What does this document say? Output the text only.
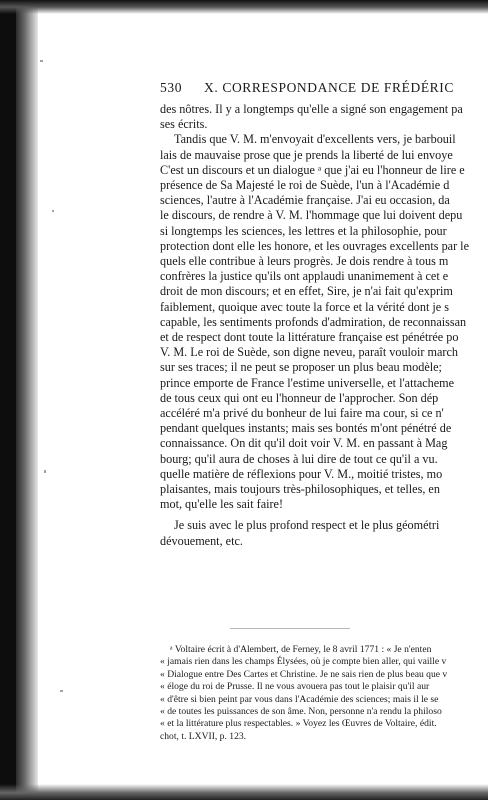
530 X. CORRESPONDANCE DE FRÉDÉRIC
des nôtres. Il y a longtemps qu'elle a signé son engagement pa
ses écrits.
Tandis que V. M. m'envoyait d'excellents vers, je barbouil
lais de mauvaise prose que je prends la liberté de lui envoye
C'est un discours et un dialogue ᵃ que j'ai eu l'honneur de lire e
présence de Sa Majesté le roi de Suède, l'un à l'Académie d
sciences, l'autre à l'Académie française. J'ai eu occasion, da
le discours, de rendre à V. M. l'hommage que lui doivent depu
si longtemps les sciences, les lettres et la philosophie, pour
protection dont elle les honore, et les ouvrages excellents par le
quels elle contribue à leurs progrès. Je dois rendre à tous m
confrères la justice qu'ils ont applaudi unanimement à cet e
droit de mon discours; et en effet, Sire, je n'ai fait qu'exprim
faiblement, quoique avec toute la force et la vérité dont je s
capable, les sentiments profonds d'admiration, de reconnaissan
et de respect dont toute la littérature française est pénétrée po
V. M. Le roi de Suède, son digne neveu, paraît vouloir march
sur ses traces; il ne peut se proposer un plus beau modèle;
prince emporte de France l'estime universelle, et l'attacheme
de tous ceux qui ont eu l'honneur de l'approcher. Son dép
accéléré m'a privé du bonheur de lui faire ma cour, si ce n'
pendant quelques instants; mais ses bontés m'ont pénétré de
connaissance. On dit qu'il doit voir V. M. en passant à Mag
bourg; qu'il aura de choses à lui dire de tout ce qu'il a vu.
quelle matière de réflexions pour V. M., moitié tristes, mo
plaisantes, mais toujours très-philosophiques, et telles, en
mot, qu'elle les sait faire!
Je suis avec le plus profond respect et le plus géométri
dévouement, etc.
ᵃ Voltaire écrit à d'Alembert, de Ferney, le 8 avril 1771 : « Je n'enten
« jamais rien dans les champs Élysées, où je compte bien aller, qui vaille v
« Dialogue entre Des Cartes et Christine. Je ne sais rien de plus beau que v
« éloge du roi de Prusse. Il ne vous avouera pas tout le plaisir qu'il aur
« d'être si bien peint par vous dans l'Académie des sciences; mais il le se
« de toutes les puissances de son âme. Non, personne n'a rendu la philoso
« et la littérature plus respectables. » Voyez les Œuvres de Voltaire, édit.
chot, t. LXVII, p. 123.
